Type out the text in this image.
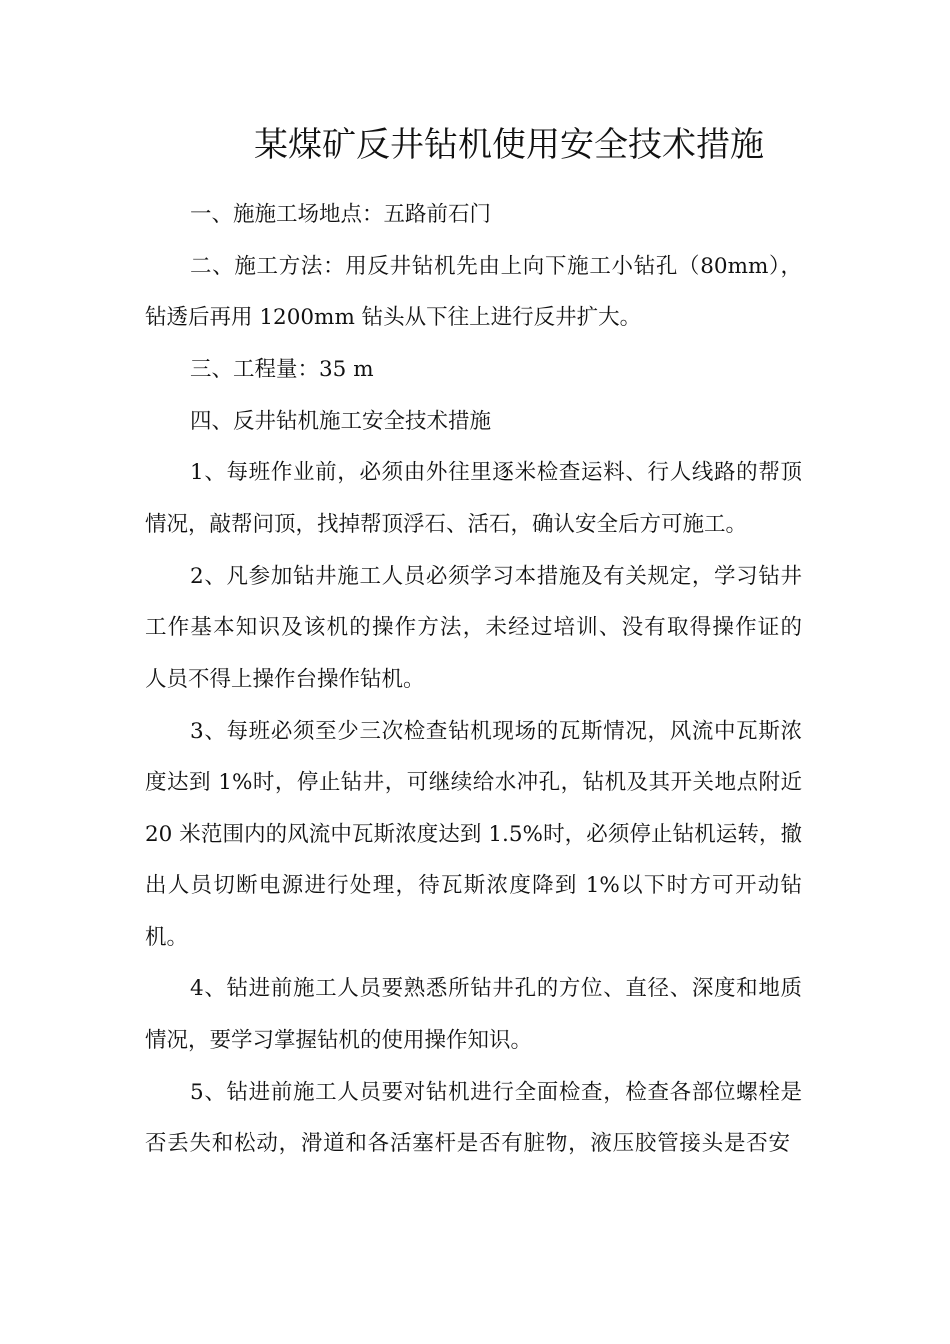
某煤矿反井钻机使用安全技术措施
一、施施工场地点：五路前石门
二、施工方法：用反井钻机先由上向下施工小钻孔（80mm），
钻透后再用 1200mm 钻头从下往上进行反井扩大。
三、工程量：35 m
四、反井钻机施工安全技术措施
1、每班作业前，必须由外往里逐米检查运料、行人线路的帮顶
情况，敲帮问顶，找掉帮顶浮石、活石，确认安全后方可施工。
2、凡参加钻井施工人员必须学习本措施及有关规定，学习钻井
工作基本知识及该机的操作方法，未经过培训、没有取得操作证的
人员不得上操作台操作钻机。
3、每班必须至少三次检查钻机现场的瓦斯情况，风流中瓦斯浓
度达到 1%时，停止钻井，可继续给水冲孔，钻机及其开关地点附近
20 米范围内的风流中瓦斯浓度达到 1.5%时，必须停止钻机运转，撤
出人员切断电源进行处理，待瓦斯浓度降到 1%以下时方可开动钻
机。
4、钻进前施工人员要熟悉所钻井孔的方位、直径、深度和地质
情况，要学习掌握钻机的使用操作知识。
5、钻进前施工人员要对钻机进行全面检查，检查各部位螺栓是
否丢失和松动，滑道和各活塞杆是否有脏物，液压胶管接头是否安
